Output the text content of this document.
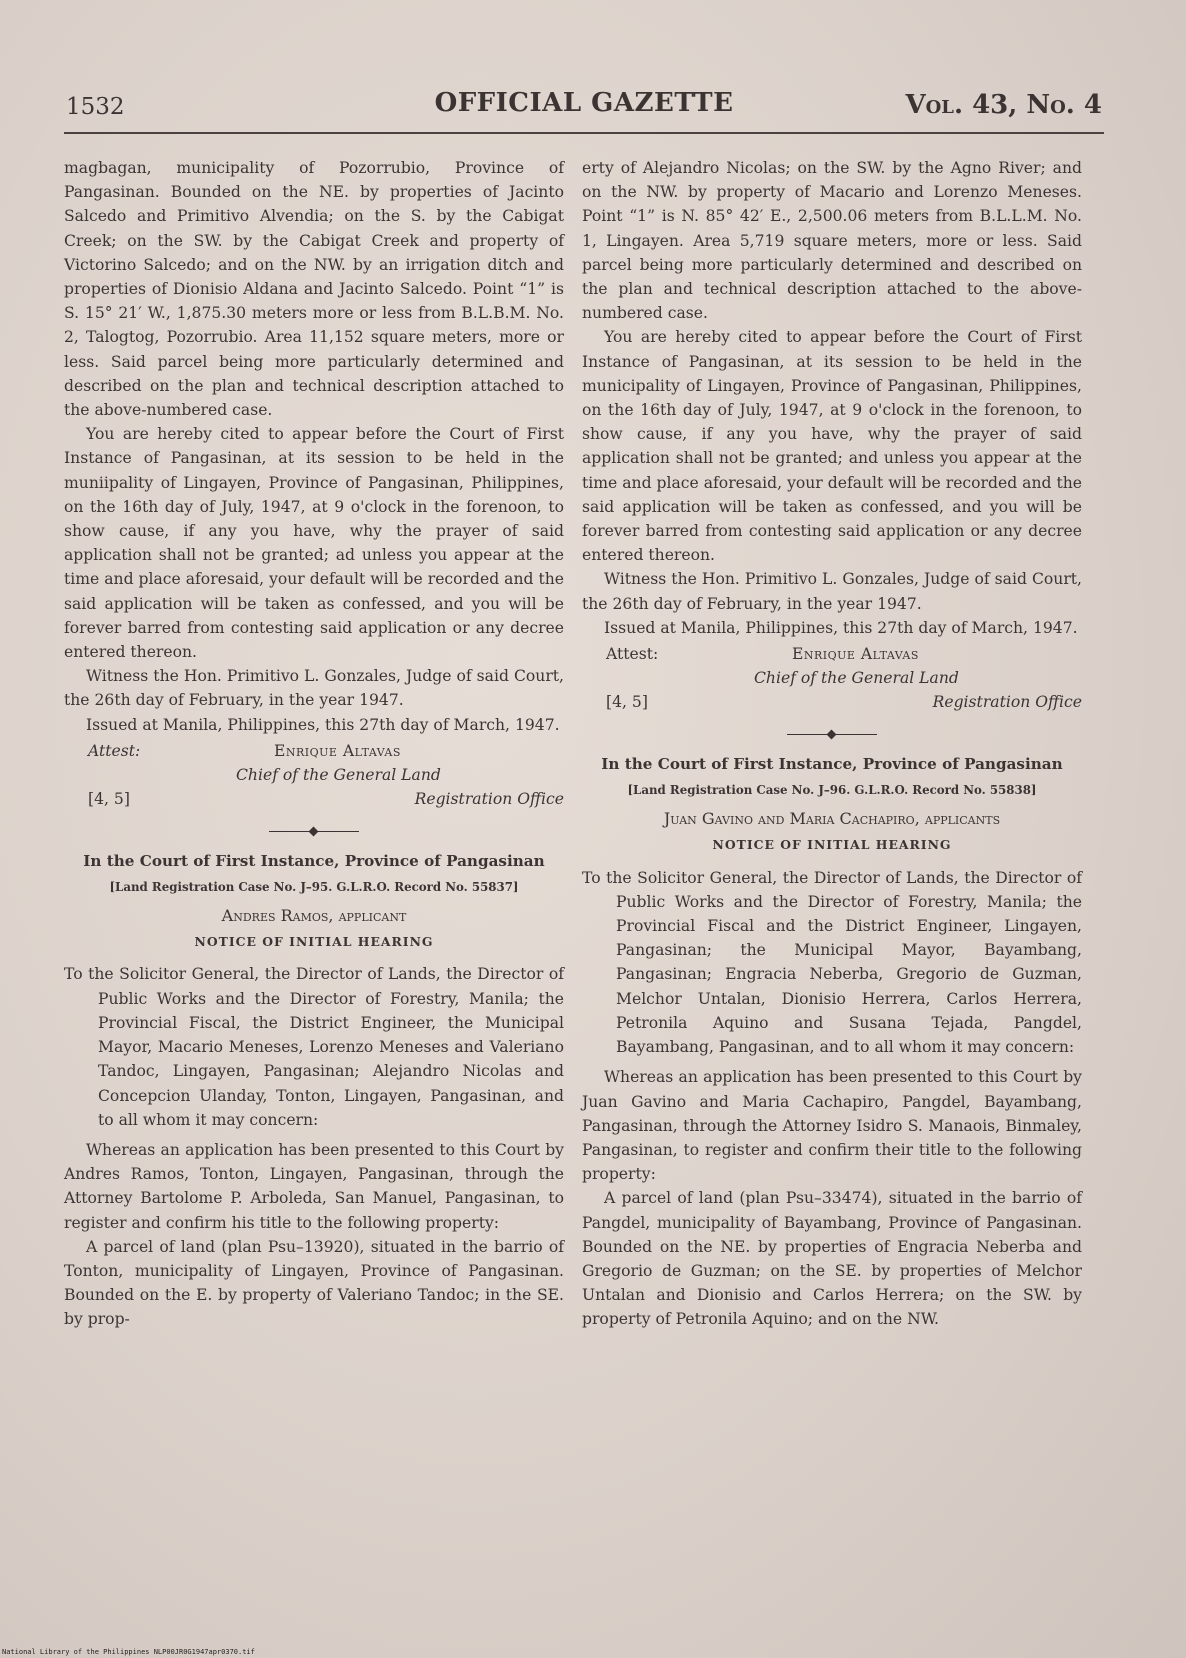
1532	OFFICIAL GAZETTE	Vol. 43, No. 4

magbagan, municipality of Pozorrubio, Province of Pangasinan. Bounded on the NE. by properties of Jacinto Salcedo and Primitivo Alvendia; on the S. by the Cabigat Creek; on the SW. by the Cabigat Creek and property of Victorino Salcedo; and on the NW. by an irrigation ditch and properties of Dionisio Aldana and Jacinto Salcedo. Point “1” is S. 15° 21′ W., 1,875.30 meters more or less from B.L.B.M. No. 2, Talogtog, Pozorrubio. Area 11,152 square meters, more or less. Said parcel being more particularly determined and described on the plan and technical description attached to the above-numbered case.

You are hereby cited to appear before the Court of First Instance of Pangasinan, at its session to be held in the muniipality of Lingayen, Province of Pangasinan, Philippines, on the 16th day of July, 1947, at 9 o'clock in the forenoon, to show cause, if any you have, why the prayer of said application shall not be granted; ad unless you appear at the time and place aforesaid, your default will be recorded and the said application will be taken as confessed, and you will be forever barred from contesting said application or any decree entered thereon.

Witness the Hon. Primitivo L. Gonzales, Judge of said Court, the 26th day of February, in the year 1947.

Issued at Manila, Philippines, this 27th day of March, 1947.

Attest:	Enrique Altavas
Chief of the General Land
[4, 5]	Registration Office
In the Court of First Instance, Province of Pangasinan
[Land Registration Case No. J–95. G.L.R.O. Record No. 55837]
Andres Ramos, applicant
NOTICE OF INITIAL HEARING

To the Solicitor General, the Director of Lands, the Director of Public Works and the Director of Forestry, Manila; the Provincial Fiscal, the District Engineer, the Municipal Mayor, Macario Meneses, Lorenzo Meneses and Valeriano Tandoc, Lingayen, Pangasinan; Alejandro Nicolas and Concepcion Ulanday, Tonton, Lingayen, Pangasinan, and to all whom it may concern:

Whereas an application has been presented to this Court by Andres Ramos, Tonton, Lingayen, Pangasinan, through the Attorney Bartolome P. Arboleda, San Manuel, Pangasinan, to register and confirm his title to the following property:

A parcel of land (plan Psu–13920), situated in the barrio of Tonton, municipality of Lingayen, Province of Pangasinan. Bounded on the E. by property of Valeriano Tandoc; in the SE. by prop-

erty of Alejandro Nicolas; on the SW. by the Agno River; and on the NW. by property of Macario and Lorenzo Meneses. Point “1” is N. 85° 42′ E., 2,500.06 meters from B.L.L.M. No. 1, Lingayen. Area 5,719 square meters, more or less. Said parcel being more particularly determined and described on the plan and technical description attached to the above-numbered case.

You are hereby cited to appear before the Court of First Instance of Pangasinan, at its session to be held in the municipality of Lingayen, Province of Pangasinan, Philippines, on the 16th day of July, 1947, at 9 o'clock in the forenoon, to show cause, if any you have, why the prayer of said application shall not be granted; and unless you appear at the time and place aforesaid, your default will be recorded and the said application will be taken as confessed, and you will be forever barred from contesting said application or any decree entered thereon.

Witness the Hon. Primitivo L. Gonzales, Judge of said Court, the 26th day of February, in the year 1947.

Issued at Manila, Philippines, this 27th day of March, 1947.

Attest:	Enrique Altavas
Chief of the General Land
[4, 5]	Registration Office
In the Court of First Instance, Province of Pangasinan
[Land Registration Case No. J–96. G.L.R.O. Record No. 55838]
Juan Gavino and Maria Cachapiro, applicants
NOTICE OF INITIAL HEARING

To the Solicitor General, the Director of Lands, the Director of Public Works and the Director of Forestry, Manila; the Provincial Fiscal and the District Engineer, Lingayen, Pangasinan; the Municipal Mayor, Bayambang, Pangasinan; Engracia Neberba, Gregorio de Guzman, Melchor Untalan, Dionisio Herrera, Carlos Herrera, Petronila Aquino and Susana Tejada, Pangdel, Bayambang, Pangasinan, and to all whom it may concern:

Whereas an application has been presented to this Court by Juan Gavino and Maria Cachapiro, Pangdel, Bayambang, Pangasinan, through the Attorney Isidro S. Manaois, Binmaley, Pangasinan, to register and confirm their title to the following property:

A parcel of land (plan Psu–33474), situated in the barrio of Pangdel, municipality of Bayambang, Province of Pangasinan. Bounded on the NE. by properties of Engracia Neberba and Gregorio de Guzman; on the SE. by properties of Melchor Untalan and Dionisio and Carlos Herrera; on the SW. by property of Petronila Aquino; and on the NW.

National Library of the Philippines NLP00JR0G1947apr0370.tif
